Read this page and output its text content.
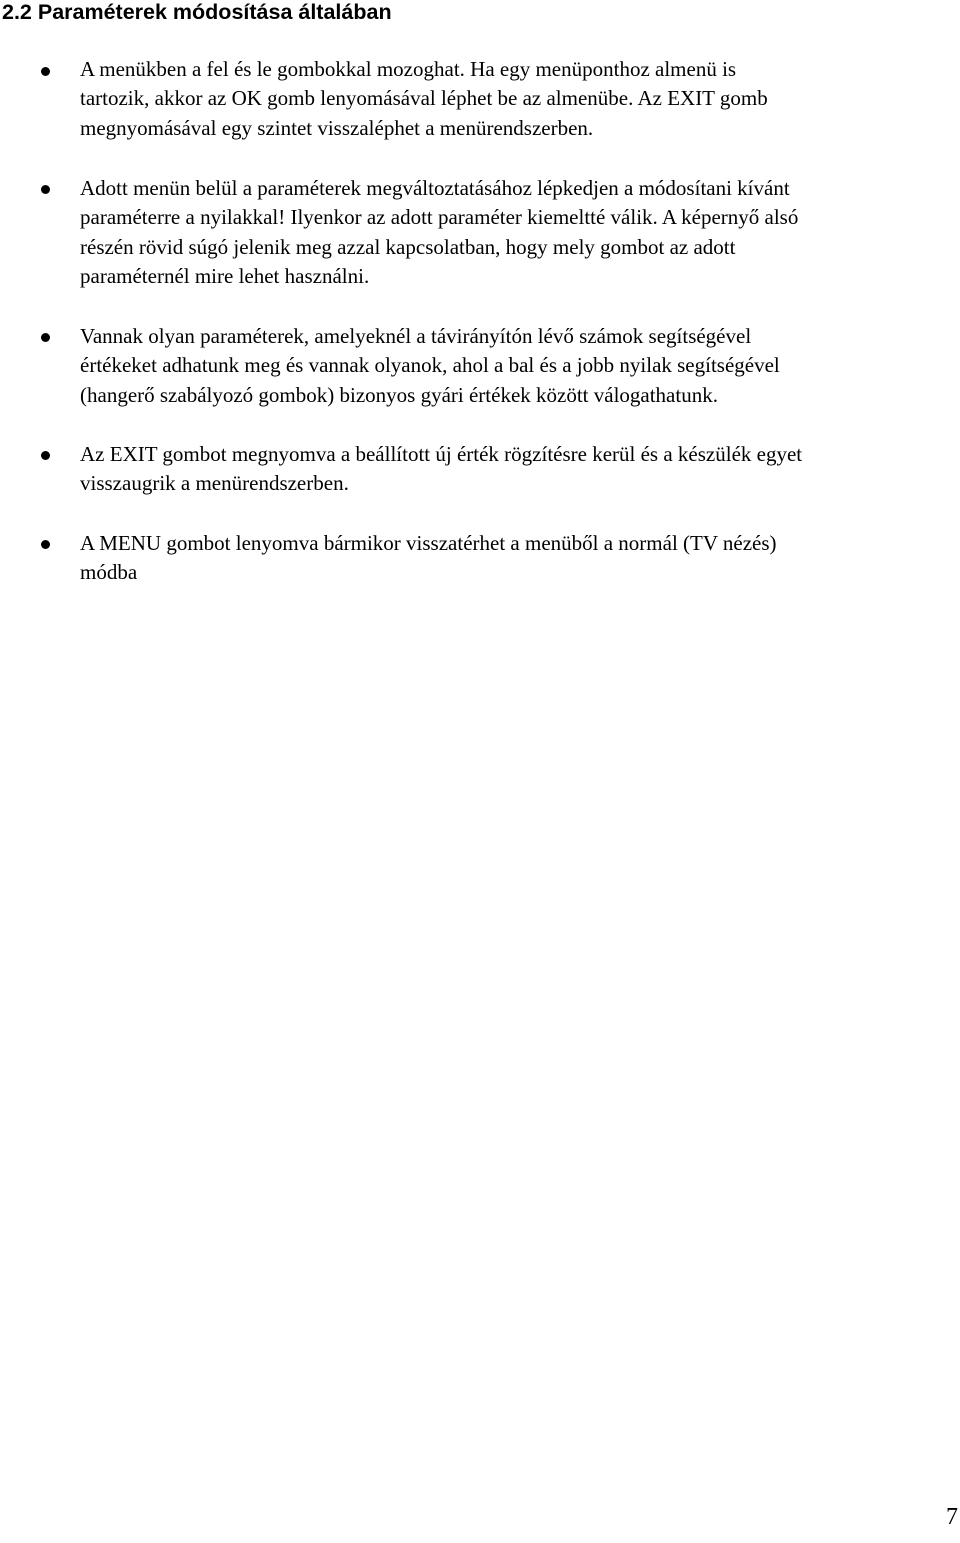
2.2 Paraméterek módosítása általában

A menükben a fel és le gombokkal mozoghat. Ha egy menüponthoz almenü is
tartozik, akkor az OK gomb lenyomásával léphet be az almenübe. Az EXIT gomb
megnyomásával egy szintet visszaléphet a menürendszerben.

Adott menün belül a paraméterek megváltoztatásához lépkedjen a módosítani kívánt
paraméterre a nyilakkal! Ilyenkor az adott paraméter kiemeltté válik. A képernyő alsó
részén rövid súgó jelenik meg azzal kapcsolatban, hogy mely gombot az adott
paraméternél mire lehet használni.

Vannak olyan paraméterek, amelyeknél a távirányítón lévő számok segítségével
értékeket adhatunk meg és vannak olyanok, ahol a bal és a jobb nyilak segítségével
(hangerő szabályozó gombok) bizonyos gyári értékek között válogathatunk.

Az EXIT gombot megnyomva a beállított új érték rögzítésre kerül és a készülék egyet
visszaugrik a menürendszerben.

A MENU gombot lenyomva bármikor visszatérhet a menüből a normál (TV nézés)
módba

7
